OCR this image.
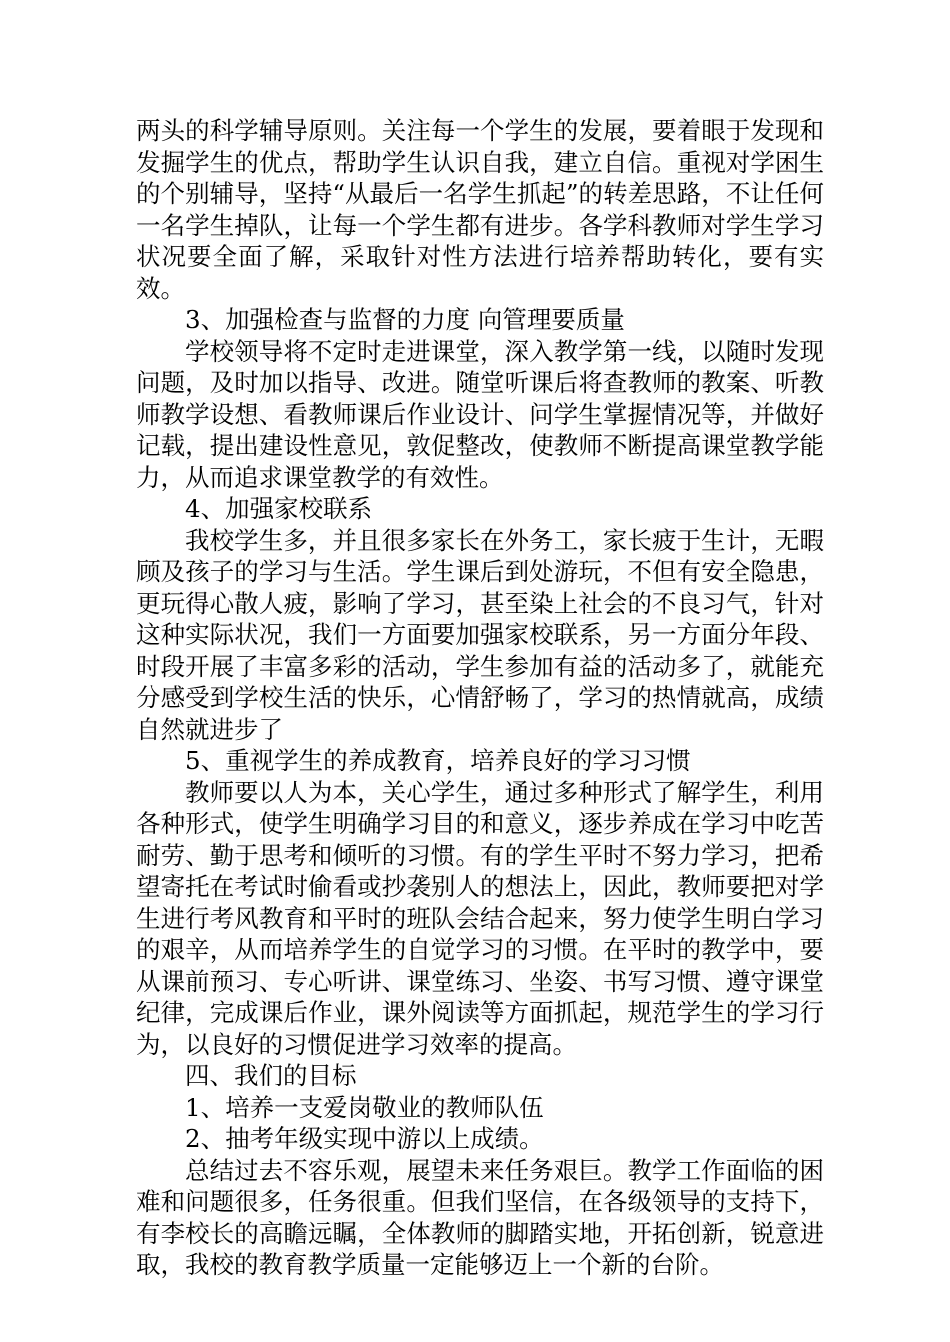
两头的科学辅导原则。关注每一个学生的发展，要着眼于发现和发掘学生的优点，帮助学生认识自我，建立自信。重视对学困生的个别辅导，坚持“从最后一名学生抓起”的转差思路，不让任何一名学生掉队，让每一个学生都有进步。各学科教师对学生学习状况要全面了解，采取针对性方法进行培养帮助转化，要有实效。

3、加强检查与监督的力度 向管理要质量

学校领导将不定时走进课堂，深入教学第一线，以随时发现问题，及时加以指导、改进。随堂听课后将查教师的教案、听教师教学设想、看教师课后作业设计、问学生掌握情况等，并做好记载，提出建设性意见，敦促整改，使教师不断提高课堂教学能力，从而追求课堂教学的有效性。

4、加强家校联系

我校学生多，并且很多家长在外务工，家长疲于生计，无暇顾及孩子的学习与生活。学生课后到处游玩，不但有安全隐患，更玩得心散人疲，影响了学习，甚至染上社会的不良习气，针对这种实际状况，我们一方面要加强家校联系，另一方面分年段、时段开展了丰富多彩的活动，学生参加有益的活动多了，就能充分感受到学校生活的快乐，心情舒畅了，学习的热情就高，成绩自然就进步了

5、重视学生的养成教育，培养良好的学习习惯

教师要以人为本，关心学生，通过多种形式了解学生，利用各种形式，使学生明确学习目的和意义，逐步养成在学习中吃苦耐劳、勤于思考和倾听的习惯。有的学生平时不努力学习，把希望寄托在考试时偷看或抄袭别人的想法上，因此，教师要把对学生进行考风教育和平时的班队会结合起来，努力使学生明白学习的艰辛，从而培养学生的自觉学习的习惯。在平时的教学中，要从课前预习、专心听讲、课堂练习、坐姿、书写习惯、遵守课堂纪律，完成课后作业，课外阅读等方面抓起，规范学生的学习行为，以良好的习惯促进学习效率的提高。

四、我们的目标

1、培养一支爱岗敬业的教师队伍

2、抽考年级实现中游以上成绩。

总结过去不容乐观，展望未来任务艰巨。教学工作面临的困难和问题很多，任务很重。但我们坚信，在各级领导的支持下，有李校长的高瞻远瞩，全体教师的脚踏实地，开拓创新，锐意进取，我校的教育教学质量一定能够迈上一个新的台阶。
